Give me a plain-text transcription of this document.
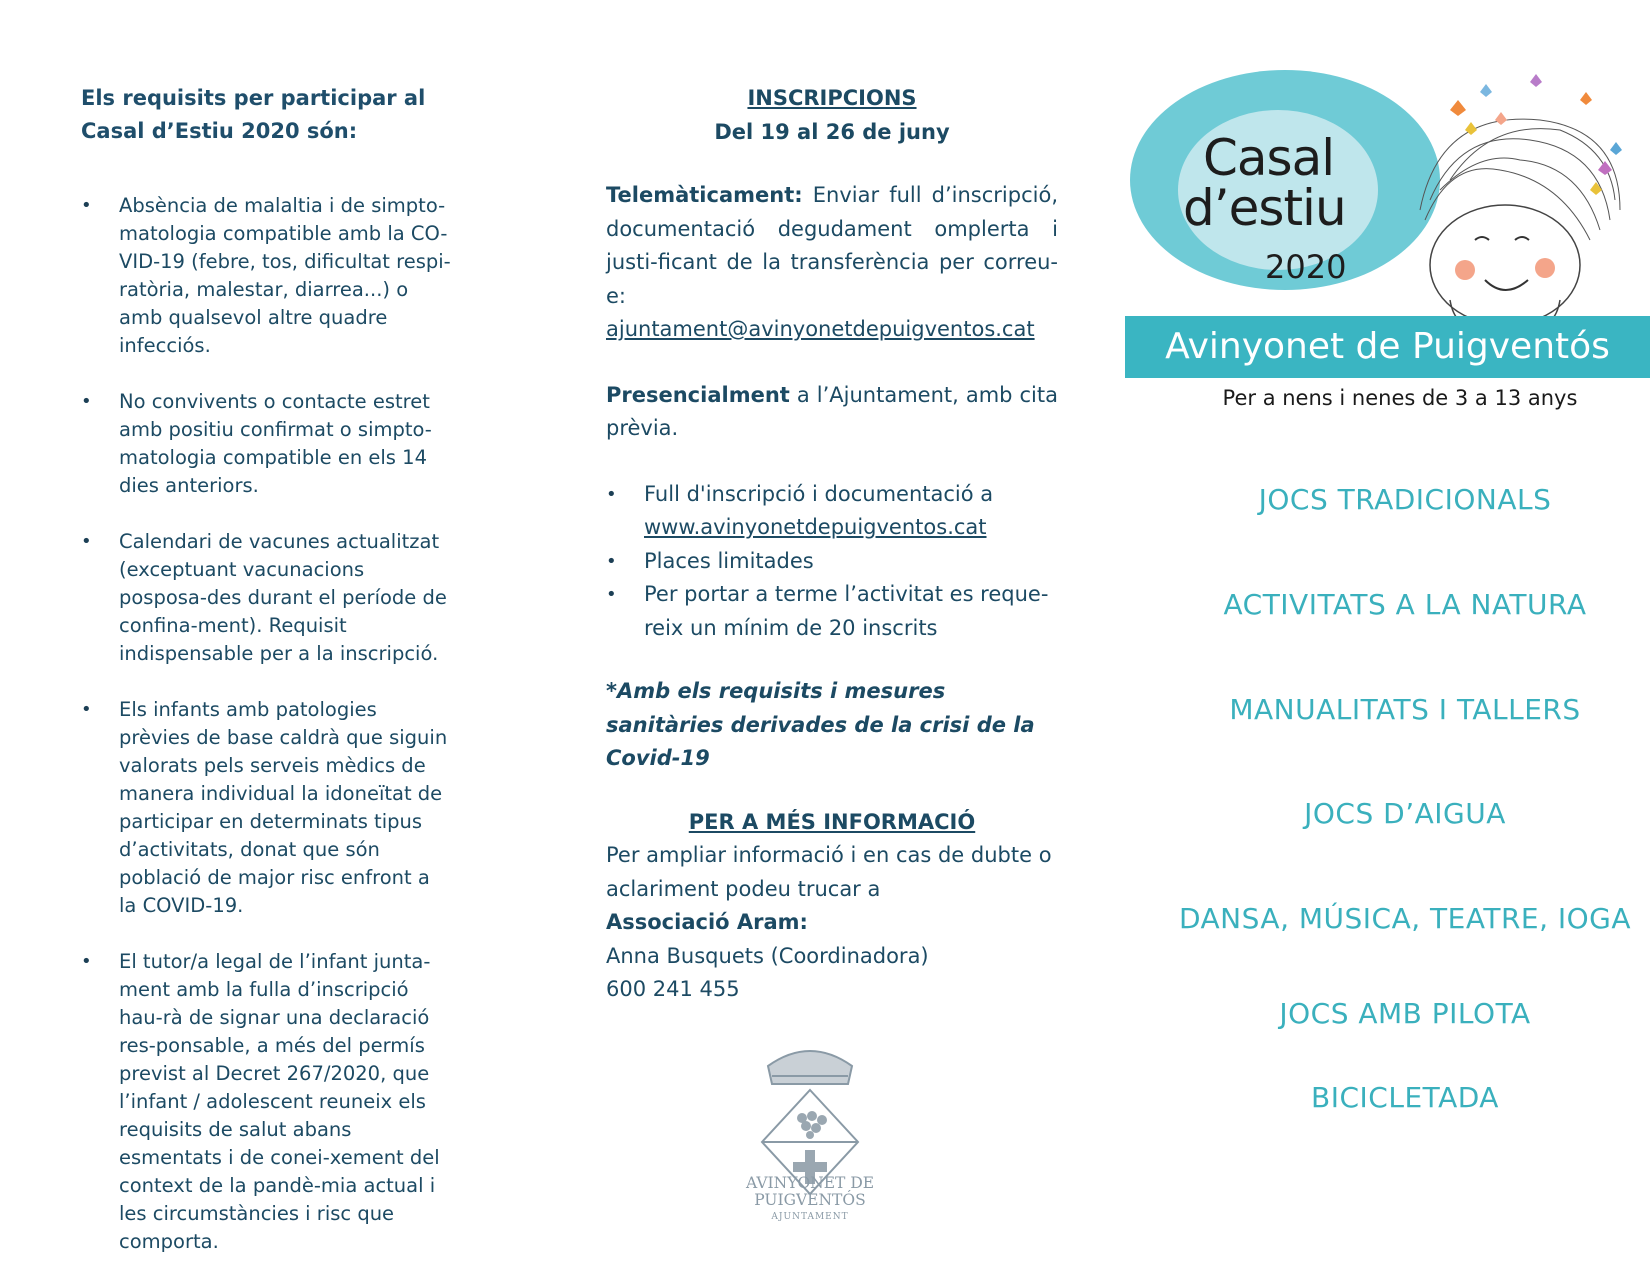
Els requisits per participar al Casal d’Estiu 2020 són:
• Absència de malaltia i de simpto-matologia compatible amb la CO-VID-19 (febre, tos, dificultat respi-ratòria, malestar, diarrea...) o amb qualsevol altre quadre infecciós.
• No convivents o contacte estret amb positiu confirmat o simpto-matologia compatible en els 14 dies anteriors.
• Calendari de vacunes actualitzat (exceptuant vacunacions posposa-des durant el període de confina-ment). Requisit indispensable per a la inscripció.
• Els infants amb patologies prèvies de base caldrà que siguin valorats pels serveis mèdics de manera individual la idoneïtat de participar en determinats tipus d’activitats, donat que són població de major risc enfront a la COVID-19.
• El tutor/a legal de l’infant junta-ment amb la fulla d’inscripció hau-rà de signar una declaració res-ponsable, a més del permís previst al Decret 267/2020, que l’infant / adolescent reuneix els requisits de salut abans esmentats i de conei-xement del context de la pandè-mia actual i les circumstàncies i risc que comporta.
INSCRIPCIONS
Del 19 al 26 de juny

Telemàticament: Enviar full d’inscripció, documentació degudament omplerta i justi-ficant de la transferència per correu-e:
ajuntament@avinyonetdepuigventos.cat

Presencialment a l’Ajuntament, amb cita prèvia.

• Full d'inscripció i documentació a
www.avinyonetdepuigventos.cat
• Places limitades
• Per portar a terme l’activitat es reque-reix un mínim de 20 inscrits

*Amb els requisits i mesures sanitàries derivades de la crisi de la Covid-19

PER A MÉS INFORMACIÓ

Per ampliar informació i en cas de dubte o aclariment podeu trucar a

Associació Aram:
Anna Busquets (Coordinadora)
600 241 455
AVINYONET DE
PUIGVENTÓS
AJUNTAMENT
Casal
d’estiu
2020
Avinyonet de Puigventós
Per a nens i nenes de 3 a 13 anys
JOCS TRADICIONALS
ACTIVITATS A LA NATURA
MANUALITATS I TALLERS
JOCS D’AIGUA
DANSA, MÚSICA, TEATRE, IOGA
JOCS AMB PILOTA
BICICLETADA
